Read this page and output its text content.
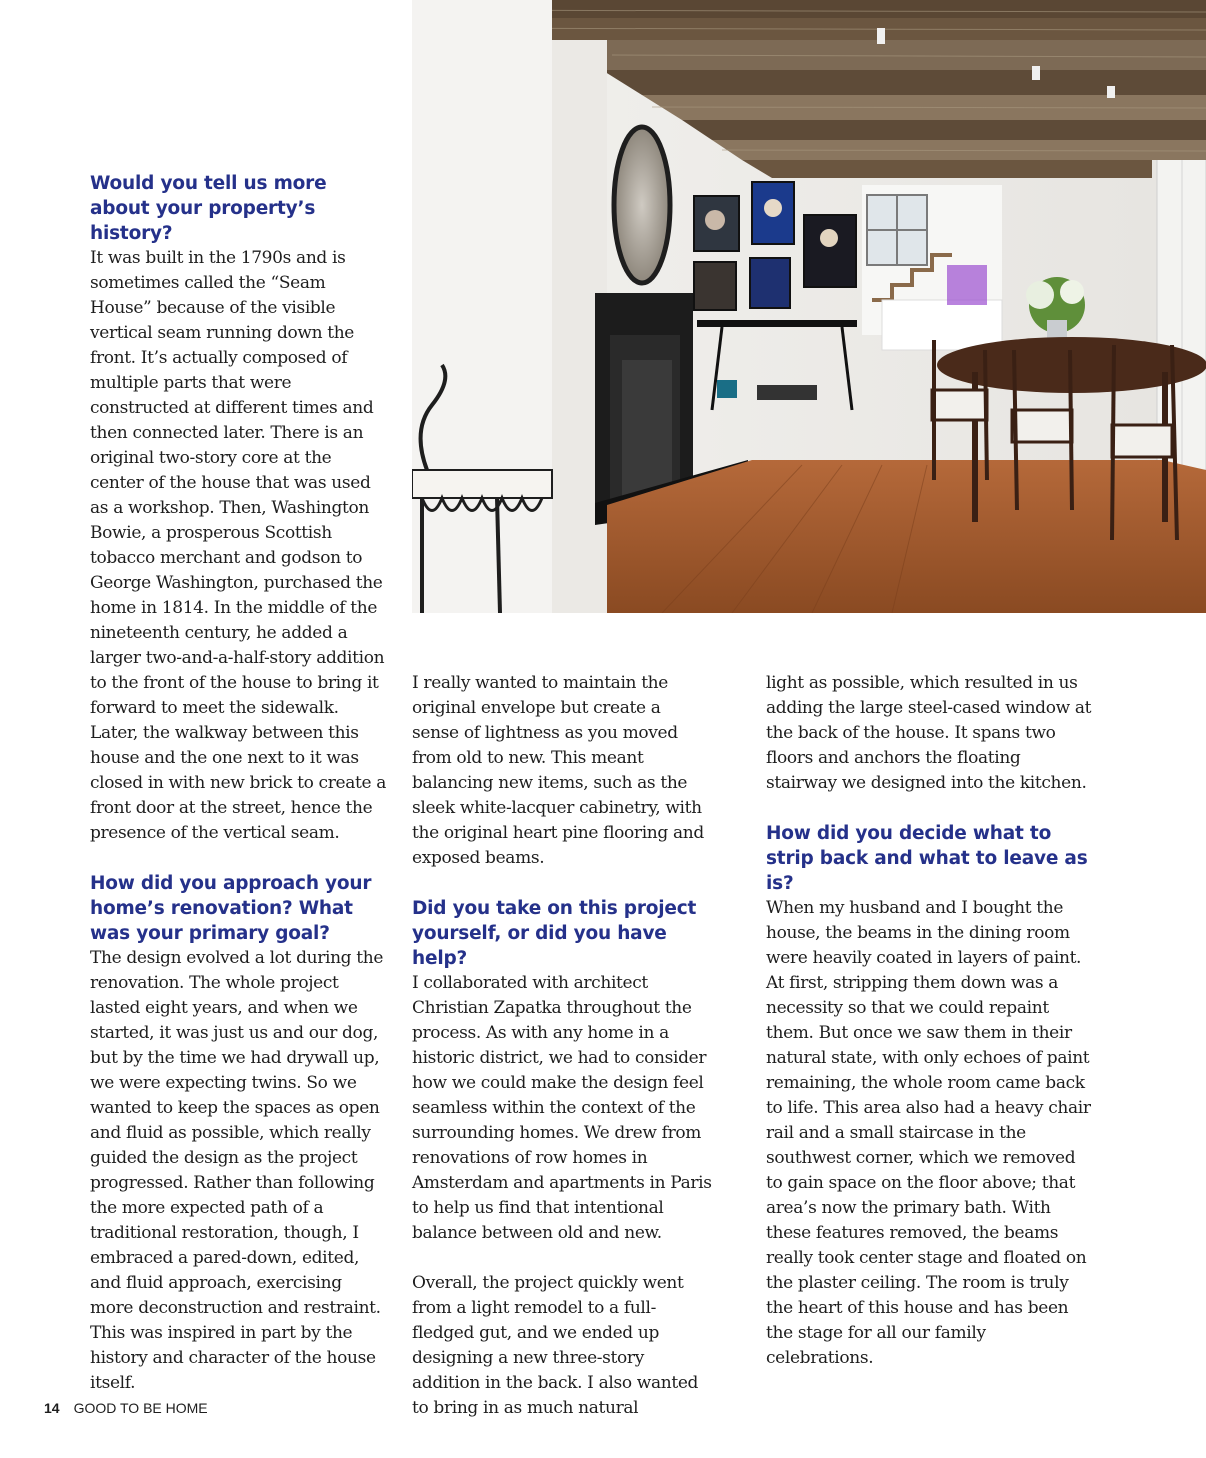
Would you tell us more about your property’s history?

It was built in the 1790s and is sometimes called the “Seam House” because of the visible vertical seam running down the front. It’s actually composed of multiple parts that were constructed at different times and then connected later. There is an original two-story core at the center of the house that was used as a workshop. Then, Washington Bowie, a prosperous Scottish tobacco merchant and godson to George Washington, purchased the home in 1814. In the middle of the nineteenth century, he added a larger two-and-a-half-story addition to the front of the house to bring it forward to meet the sidewalk. Later, the walkway between this house and the one next to it was closed in with new brick to create a front door at the street, hence the presence of the vertical seam.

How did you approach your home’s renovation? What was your primary goal?

The design evolved a lot during the renovation. The whole project lasted eight years, and when we started, it was just us and our dog, but by the time we had drywall up, we were expecting twins. So we wanted to keep the spaces as open and fluid as possible, which really guided the design as the project progressed. Rather than following the more expected path of a traditional restoration, though, I embraced a pared-down, edited, and fluid approach, exercising more deconstruction and restraint. This was inspired in part by the history and character of the house itself.

I really wanted to maintain the original envelope but create a sense of lightness as you moved from old to new. This meant balancing new items, such as the sleek white-lacquer cabinetry, with the original heart pine flooring and exposed beams.

Did you take on this project yourself, or did you have help?

I collaborated with architect Christian Zapatka throughout the process. As with any home in a historic district, we had to consider how we could make the design feel seamless within the context of the surrounding homes. We drew from renovations of row homes in Amsterdam and apartments in Paris to help us find that intentional balance between old and new.

Overall, the project quickly went from a light remodel to a full-fledged gut, and we ended up designing a new three-story addition in the back. I also wanted to bring in as much natural

light as possible, which resulted in us adding the large steel-cased window at the back of the house. It spans two floors and anchors the floating stairway we designed into the kitchen.

How did you decide what to strip back and what to leave as is?

When my husband and I bought the house, the beams in the dining room were heavily coated in layers of paint. At first, stripping them down was a necessity so that we could repaint them. But once we saw them in their natural state, with only echoes of paint remaining, the whole room came back to life. This area also had a heavy chair rail and a small staircase in the southwest corner, which we removed to gain space on the floor above; that area’s now the primary bath. With these features removed, the beams really took center stage and floated on the plaster ceiling. The room is truly the heart of this house and has been the stage for all our family celebrations.

14 GOOD TO BE HOME
